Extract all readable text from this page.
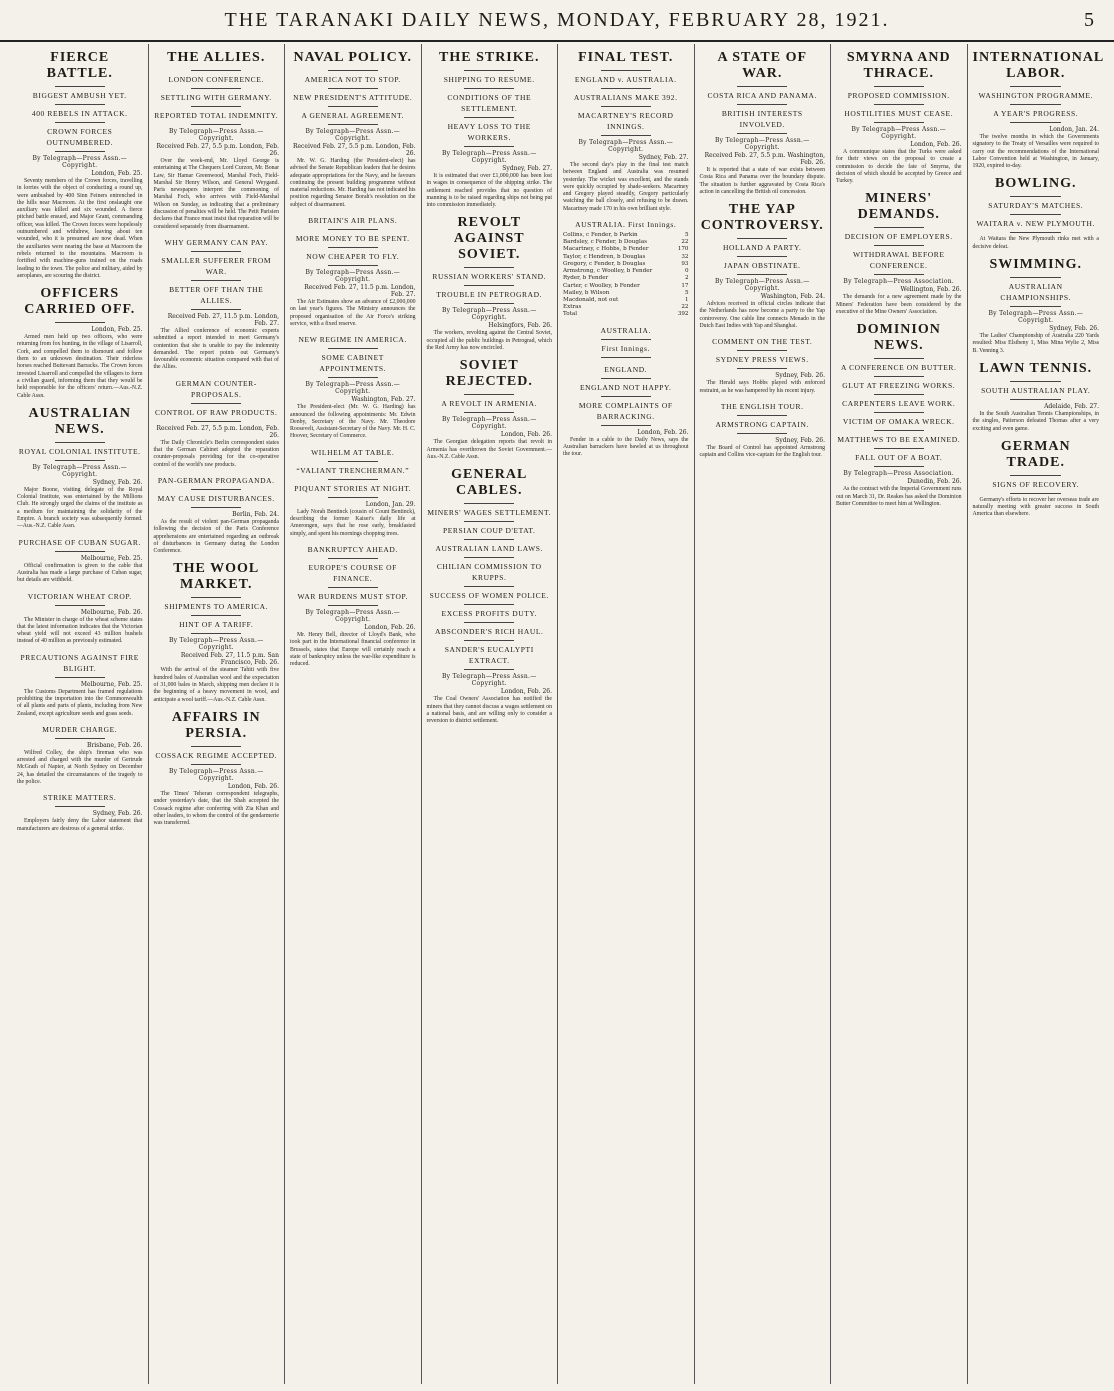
THE TARANAKI DAILY NEWS, MONDAY, FEBRUARY 28, 1921.	5
FIERCE BATTLE.
BIGGEST AMBUSH YET.
400 REBELS IN ATTACK.
CROWN FORCES OUTNUMBERED.
By Telegraph—Press Assn.—Copyright.
London, Feb. 25.

Seventy members of the Crown forces, travelling in lorries with the object of conducting a round up, were ambushed by 400 Sinn Feiners entrenched in the hills near Macroom. At the first onslaught one auxiliary was killed and six wounded. A fierce pitched battle ensued, and Major Grant, commanding officer, was killed. The Crown forces were hopelessly outnumbered and withdrew, leaving about ten wounded, who it is presumed are now dead. When the auxiliaries were nearing the base at Macroom the rebels returned to the mountains. Macroom is fortified with machine-guns trained on the roads leading to the town. The police and military, aided by aeroplanes, are scouring the district.

OFFICERS CARRIED OFF.
London, Feb. 25.

Armed men held up two officers, who were returning from fox hunting, in the village of Lisarroll, Cork, and compelled them to dismount and follow them to an unknown destination. Their riderless horses reached Buttevant Barracks. The Crown forces invested Lisarroll and compelled the villagers to form a civilian guard, informing them that they would be held responsible for the officers' return.—Aus.-N.Z. Cable Assn.

AUSTRALIAN NEWS.
ROYAL COLONIAL INSTITUTE.
By Telegraph—Press Assn.—Copyright.
Sydney, Feb. 26.

Major Boone, visiting delegate of the Royal Colonial Institute, was entertained by the Millions Club. He strongly urged the claims of the institute as a medium for maintaining the solidarity of the Empire. A branch society was subsequently formed.—Aus.-N.Z. Cable Assn.

PURCHASE OF CUBAN SUGAR.
Melbourne, Feb. 25.

Official confirmation is given to the cable that Australia has made a large purchase of Cuban sugar, but details are withheld.

VICTORIAN WHEAT CROP.
Melbourne, Feb. 26.

The Minister in charge of the wheat scheme states that the latest information indicates that the Victorian wheat yield will not exceed 43 million bushels instead of 40 million as previously estimated.

PRECAUTIONS AGAINST FIRE BLIGHT.
Melbourne, Feb. 25.

The Customs Department has framed regulations prohibiting the importation into the Commonwealth of all plants and parts of plants, including from New Zealand, except agriculture seeds and grass seeds.

MURDER CHARGE.
Brisbane, Feb. 26.

Wilfred Colley, the ship's fireman who was arrested and charged with the murder of Gertrude McGrath of Napier, at North Sydney on December 24, has detailed the circumstances of the tragedy to the police.

STRIKE MATTERS.
Sydney, Feb. 26.

Employers fairly deny the Labor statement that manufacturers are desirous of a general strike.

THE ALLIES.
LONDON CONFERENCE.
SETTLING WITH GERMANY.
REPORTED TOTAL INDEMNITY.
By Telegraph—Press Assn.—Copyright.
Received Feb. 27, 5.5 p.m. London, Feb. 26.

Over the week-end, Mr. Lloyd George is entertaining at The Chequers Lord Curzon, Mr. Bonar Law, Sir Hamar Greenwood, Marshal Foch, Field-Marshal Sir Henry Wilson, and General Weygand. Paris newspapers interpret the commoning of Marshal Foch, who arrives with Field-Marshal Wilson on Sunday, as indicating that a preliminary discussion of penalties will be held. The Petit Parisien declares that France must insist that reparation will be considered separately from disarmament.

WHY GERMANY CAN PAY.
SMALLER SUFFERER FROM WAR.
BETTER OFF THAN THE ALLIES.
Received Feb. 27, 11.5 p.m. London, Feb. 27.

The Allied conference of economic experts submitted a report intended to meet Germany's contention that she is unable to pay the indemnity demanded. The report points out Germany's favourable economic situation compared with that of the Allies.

GERMAN COUNTER-PROPOSALS.
CONTROL OF RAW PRODUCTS.
Received Feb. 27, 5.5 p.m. London, Feb. 26.

The Daily Chronicle's Berlin correspondent states that the German Cabinet adopted the reparation counter-proposals providing for the co-operative control of the world's raw products.

PAN-GERMAN PROPAGANDA.
MAY CAUSE DISTURBANCES.
Berlin, Feb. 24.

As the result of violent pan-German propaganda following the decision of the Paris Conference apprehensions are entertained regarding an outbreak of disturbances in Germany during the London Conference.

THE WOOL MARKET.
SHIPMENTS TO AMERICA.
HINT OF A TARIFF.
By Telegraph—Press Assn.—Copyright.
Received Feb. 27, 11.5 p.m. San Francisco, Feb. 26.

With the arrival of the steamer Tahiti with five hundred bales of Australian wool and the expectation of 31,000 bales in March, shipping men declare it is the beginning of a heavy movement in wool, and anticipate a wool tariff.—Aus.-N.Z. Cable Assn.

AFFAIRS IN PERSIA.
COSSACK REGIME ACCEPTED.
By Telegraph—Press Assn.—Copyright.
London, Feb. 26.

The Times' Teheran correspondent telegraphs, under yesterday's date, that the Shah accepted the Cossack regime after conferring with Zia Khan and other leaders, to whom the control of the gendarmerie was transferred.

NAVAL POLICY.
AMERICA NOT TO STOP.
NEW PRESIDENT'S ATTITUDE.
A GENERAL AGREEMENT.
By Telegraph—Press Assn.—Copyright.
Received Feb. 27, 5.5 p.m. London, Feb. 26.

Mr. W. G. Harding (the President-elect) has advised the Senate Republican leaders that he desires adequate appropriations for the Navy, and he favours continuing the present building programme without material reductions. Mr. Harding has not indicated his position regarding Senator Borah's resolution on the subject of disarmament.

BRITAIN'S AIR PLANS.
MORE MONEY TO BE SPENT.
NOW CHEAPER TO FLY.
By Telegraph—Press Assn.—Copyright.
Received Feb. 27, 11.5 p.m. London, Feb. 27.

The Air Estimates show an advance of £2,000,000 on last year's figures. The Ministry announces the proposed organisation of the Air Force's striking service, with a fixed reserve.

NEW REGIME IN AMERICA.
SOME CABINET APPOINTMENTS.
By Telegraph—Press Assn.—Copyright.
Washington, Feb. 27.

The President-elect (Mr. W. G. Harding) has announced the following appointments: Mr. Edwin Denby, Secretary of the Navy. Mr. Theodore Roosevelt, Assistant-Secretary of the Navy. Mr. H. C. Hoover, Secretary of Commerce.

WILHELM AT TABLE.
“VALIANT TRENCHERMAN.”
PIQUANT STORIES AT NIGHT.
London, Jan. 29.

Lady Norah Bentinck (cousin of Count Bentinck), describing the former Kaiser's daily life at Amerongen, says that he rose early, breakfasted simply, and spent his mornings chopping trees.

BANKRUPTCY AHEAD.
EUROPE'S COURSE OF FINANCE.
WAR BURDENS MUST STOP.
By Telegraph—Press Assn.—Copyright.
London, Feb. 26.

Mr. Henry Bell, director of Lloyd's Bank, who took part in the International financial conference in Brussels, states that Europe will certainly reach a state of bankruptcy unless the war-like expenditure is reduced.

THE STRIKE.
SHIPPING TO RESUME.
CONDITIONS OF THE SETTLEMENT.
HEAVY LOSS TO THE WORKERS.
By Telegraph—Press Assn.—Copyright.
Sydney, Feb. 27.

It is estimated that over £1,000,000 has been lost in wages in consequence of the shipping strike. The settlement reached provides that no question of manning is to be raised regarding ships not being put into commission immediately.

REVOLT AGAINST SOVIET.
RUSSIAN WORKERS' STAND.
TROUBLE IN PETROGRAD.
By Telegraph—Press Assn.—Copyright.
Helsingfors, Feb. 26.

The workers, revolting against the Central Soviet, occupied all the public buildings in Petrograd, which the Red Army has now encircled.

SOVIET REJECTED.
A REVOLT IN ARMENIA.
By Telegraph—Press Assn.—Copyright.
London, Feb. 26.

The Georgian delegation reports that revolt in Armenia has overthrown the Soviet Government.—Aus.-N.Z. Cable Assn.

GENERAL CABLES.
MINERS' WAGES SETTLEMENT.
PERSIAN COUP D'ETAT.
AUSTRALIAN LAND LAWS.
CHILIAN COMMISSION TO KRUPPS.
SUCCESS OF WOMEN POLICE.
EXCESS PROFITS DUTY.
ABSCONDER'S RICH HAUL.
SANDER'S EUCALYPTI EXTRACT.
By Telegraph—Press Assn.—Copyright.
London, Feb. 26.

The Coal Owners' Association has notified the miners that they cannot discuss a wages settlement on a national basis, and are willing only to consider a reversion to district settlement.

FINAL TEST.
ENGLAND v. AUSTRALIA.
AUSTRALIANS MAKE 392.
MACARTNEY'S RECORD INNINGS.
By Telegraph—Press Assn.—Copyright.
Sydney, Feb. 27.

The second day's play in the final test match between England and Australia was resumed yesterday. The wicket was excellent, and the stands were quickly occupied by shade-seekers. Macartney and Gregory played steadily, Gregory particularly watching the ball closely, and refusing to be drawn. Macartney made 170 in his own brilliant style.

AUSTRALIA. First Innings.
Collins, c Fender, b Parkin	5
Bardsley, c Fender, b Douglas	22
Macartney, c Hobbs, b Fender	170
Taylor, c Hendren, b Douglas	32
Gregory, c Fender, b Douglas	93
Armstrong, c Woolley, b Fender	0
Ryder, b Fender	2
Carter, c Woolley, b Fender	17
Mailey, b Wilson	5
Macdonald, not out	1
Extras	22
Total	392
AUSTRALIA.
First Innings.
ENGLAND.
ENGLAND NOT HAPPY.
MORE COMPLAINTS OF BARRACKING.
London, Feb. 26.

Fender in a cable to the Daily News, says the Australian barrackers have bawled at us throughout the tour.

A STATE OF WAR.
COSTA RICA AND PANAMA.
BRITISH INTERESTS INVOLVED.
By Telegraph—Press Assn.—Copyright.
Received Feb. 27, 5.5 p.m. Washington, Feb. 26.

It is reported that a state of war exists between Costa Rica and Panama over the boundary dispute. The situation is further aggravated by Costa Rica's action in cancelling the British oil concession.

THE YAP CONTROVERSY.
HOLLAND A PARTY.
JAPAN OBSTINATE.
By Telegraph—Press Assn.—Copyright.
Washington, Feb. 24.

Advices received in official circles indicate that the Netherlands has now become a party to the Yap controversy. One cable line connects Menado in the Dutch East Indies with Yap and Shanghai.

COMMENT ON THE TEST.
SYDNEY PRESS VIEWS.
Sydney, Feb. 26.

The Herald says Hobbs played with enforced restraint, as he was hampered by his recent injury.

THE ENGLISH TOUR.
ARMSTRONG CAPTAIN.
Sydney, Feb. 26.

The Board of Control has appointed Armstrong captain and Collins vice-captain for the English tour.

SMYRNA AND THRACE.
PROPOSED COMMISSION.
HOSTILITIES MUST CEASE.
By Telegraph—Press Assn.—Copyright.
London, Feb. 26.

A communique states that the Turks were asked for their views on the proposal to create a commission to decide the fate of Smyrna, the decision of which should be accepted by Greece and Turkey.

MINERS' DEMANDS.
DECISION OF EMPLOYERS.
WITHDRAWAL BEFORE CONFERENCE.
By Telegraph—Press Association.
Wellington, Feb. 26.

The demands for a new agreement made by the Miners' Federation have been considered by the executive of the Mine Owners' Association.

DOMINION NEWS.
A CONFERENCE ON BUTTER.
GLUT AT FREEZING WORKS.
CARPENTERS LEAVE WORK.
VICTIM OF OMAKA WRECK.
MATTHEWS TO BE EXAMINED.
FALL OUT OF A BOAT.
By Telegraph—Press Association.
Dunedin, Feb. 26.

As the contract with the Imperial Government runs out on March 31, Dr. Reakes has asked the Dominion Butter Committee to meet him at Wellington.

INTERNATIONAL LABOR.
WASHINGTON PROGRAMME.
A YEAR'S PROGRESS.
London, Jan. 24.

The twelve months in which the Governments signatory to the Treaty of Versailles were required to carry out the recommendations of the International Labor Convention held at Washington, in January, 1920, expired to-day.

BOWLING.
SATURDAY'S MATCHES.
WAITARA v. NEW PLYMOUTH.

At Waitara the New Plymouth rinks met with a decisive defeat.

SWIMMING.
AUSTRALIAN CHAMPIONSHIPS.
By Telegraph—Press Assn.—Copyright.
Sydney, Feb. 26.

The Ladies' Championship of Australia 220 Yards resulted: Miss Elsibeny 1, Miss Mina Wylie 2, Miss B. Venning 3.

LAWN TENNIS.
SOUTH AUSTRALIAN PLAY.
Adelaide, Feb. 27.

In the South Australian Tennis Championships, in the singles, Patterson defeated Thomas after a very exciting and even game.

GERMAN TRADE.
SIGNS OF RECOVERY.

Germany's efforts to recover her overseas trade are naturally meeting with greater success in South America than elsewhere.
